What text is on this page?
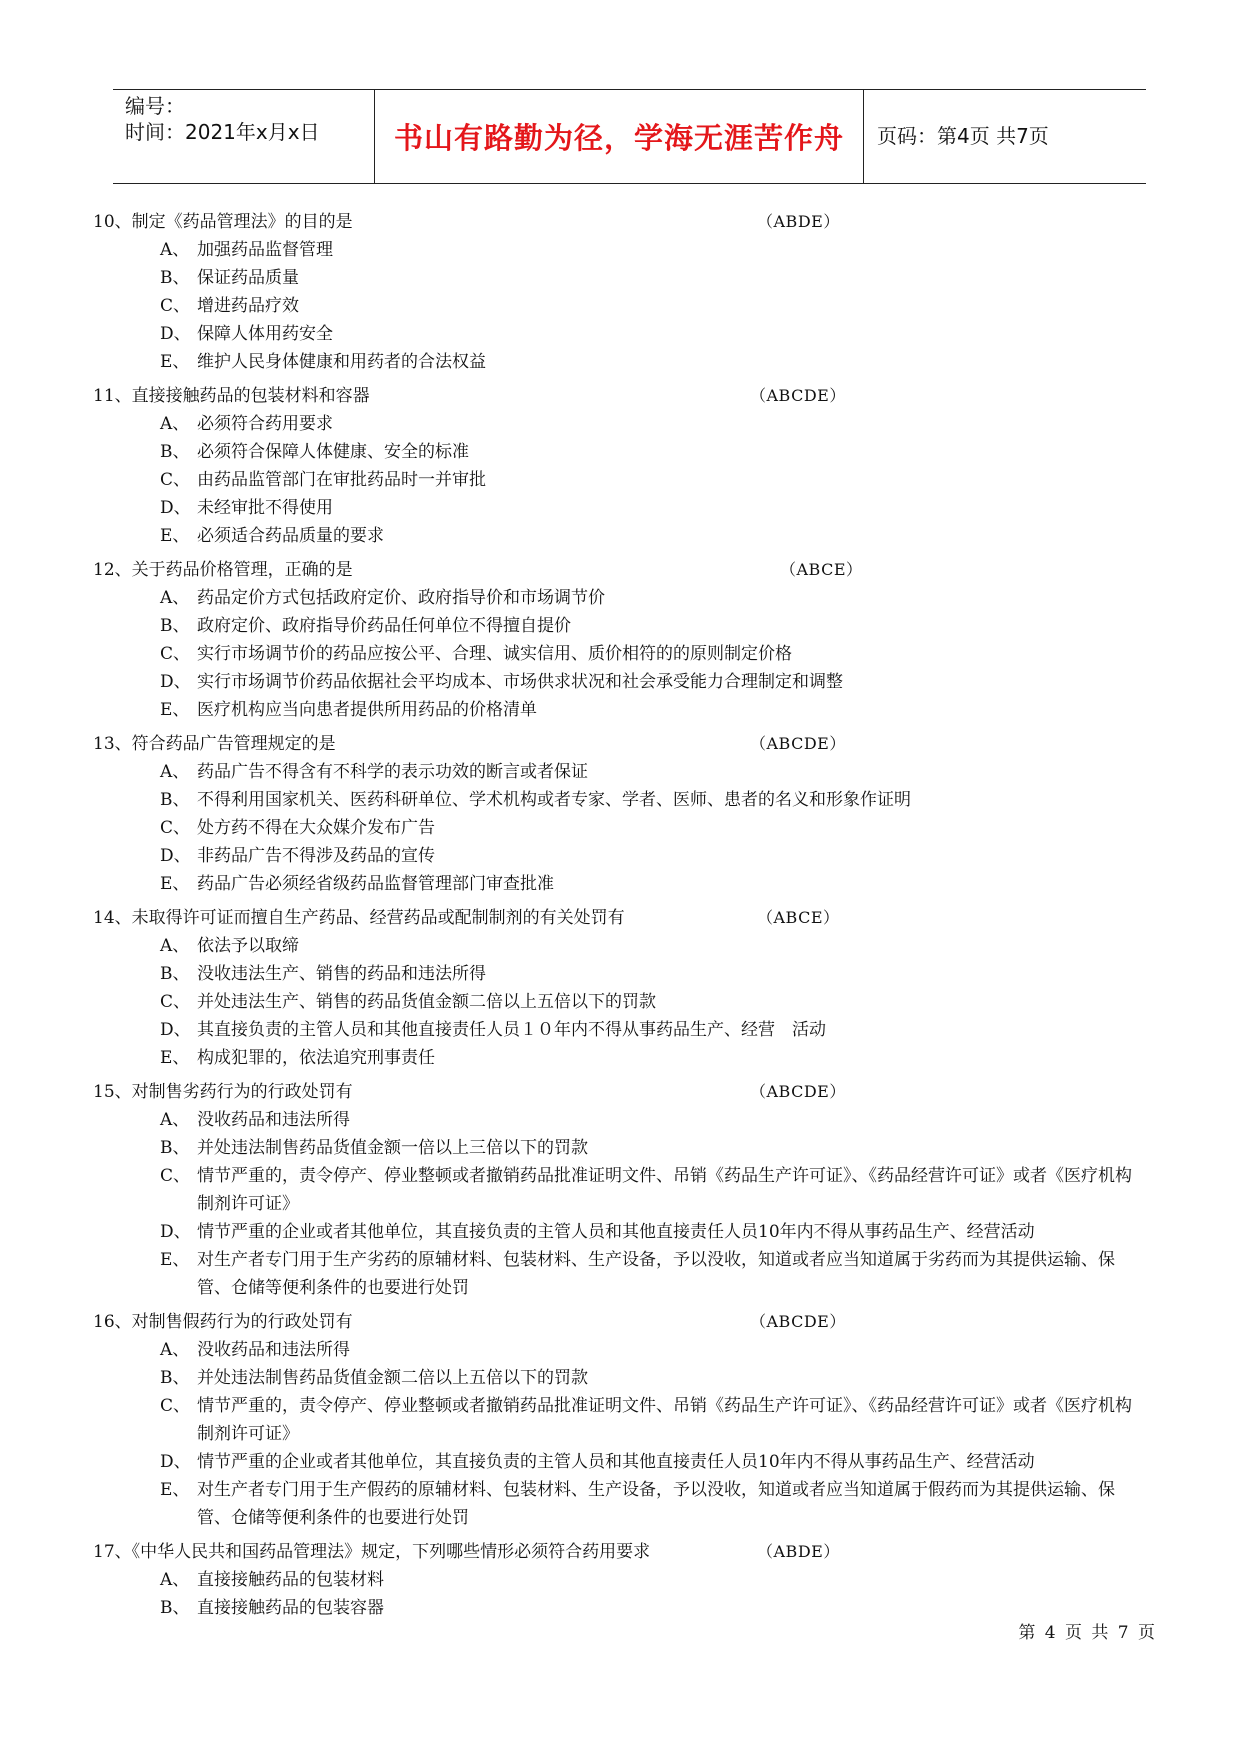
编号：
时间：2021年x月x日	书山有路勤为径，学海无涯苦作舟	页码：第4页 共7页
10、制定《药品管理法》的目的是	（ABDE）
A、 加强药品监督管理
B、 保证药品质量
C、 增进药品疗效
D、 保障人体用药安全
E、 维护人民身体健康和用药者的合法权益
11、直接接触药品的包装材料和容器	（ABCDE）
A、 必须符合药用要求
B、 必须符合保障人体健康、安全的标准
C、 由药品监管部门在审批药品时一并审批
D、 未经审批不得使用
E、 必须适合药品质量的要求
12、关于药品价格管理，正确的是	（ABCE）
A、 药品定价方式包括政府定价、政府指导价和市场调节价
B、 政府定价、政府指导价药品任何单位不得擅自提价
C、 实行市场调节价的药品应按公平、合理、诚实信用、质价相符的的原则制定价格
D、 实行市场调节价药品依据社会平均成本、市场供求状况和社会承受能力合理制定和调整
E、 医疗机构应当向患者提供所用药品的价格清单
13、符合药品广告管理规定的是	（ABCDE）
A、 药品广告不得含有不科学的表示功效的断言或者保证
B、 不得利用国家机关、医药科研单位、学术机构或者专家、学者、医师、患者的名义和形象作证明
C、 处方药不得在大众媒介发布广告
D、 非药品广告不得涉及药品的宣传
E、 药品广告必须经省级药品监督管理部门审查批准
14、未取得许可证而擅自生产药品、经营药品或配制制剂的有关处罚有	（ABCE）
A、 依法予以取缔
B、 没收违法生产、销售的药品和违法所得
C、 并处违法生产、销售的药品货值金额二倍以上五倍以下的罚款
D、 其直接负责的主管人员和其他直接责任人员１０年内不得从事药品生产、经营　活动
E、 构成犯罪的，依法追究刑事责任
15、对制售劣药行为的行政处罚有	（ABCDE）
A、 没收药品和违法所得
B、 并处违法制售药品货值金额一倍以上三倍以下的罚款
C、 情节严重的，责令停产、停业整顿或者撤销药品批准证明文件、吊销《药品生产许可证》、《药品经营许可证》或者《医疗机构制剂许可证》
D、 情节严重的企业或者其他单位，其直接负责的主管人员和其他直接责任人员10年内不得从事药品生产、经营活动
E、 对生产者专门用于生产劣药的原辅材料、包装材料、生产设备，予以没收，知道或者应当知道属于劣药而为其提供运输、保管、仓储等便利条件的也要进行处罚
16、对制售假药行为的行政处罚有	（ABCDE）
A、 没收药品和违法所得
B、 并处违法制售药品货值金额二倍以上五倍以下的罚款
C、 情节严重的，责令停产、停业整顿或者撤销药品批准证明文件、吊销《药品生产许可证》、《药品经营许可证》或者《医疗机构制剂许可证》
D、 情节严重的企业或者其他单位，其直接负责的主管人员和其他直接责任人员10年内不得从事药品生产、经营活动
E、 对生产者专门用于生产假药的原辅材料、包装材料、生产设备，予以没收，知道或者应当知道属于假药而为其提供运输、保管、仓储等便利条件的也要进行处罚
17、《中华人民共和国药品管理法》规定，下列哪些情形必须符合药用要求	（ABDE）
A、 直接接触药品的包装材料
B、 直接接触药品的包装容器
第 4 页 共 7 页
